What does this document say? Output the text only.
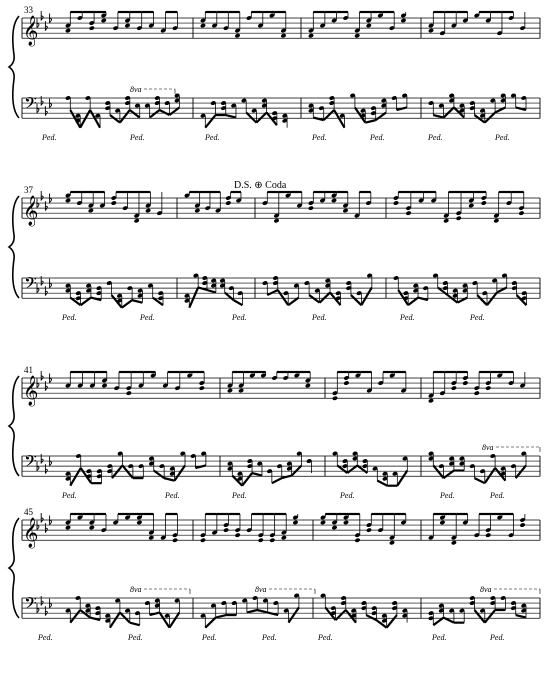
𝄞
𝄢
33
Ped.	Ped.	Ped.	Ped.	Ped.	Ped.	Ped.
8va
𝄞
𝄢
37	D.S. ⊕ Coda
Ped.	Ped.	Ped.	Ped.	Ped.	Ped.
𝄞
𝄢
41
Ped.	Ped.	Ped.	Ped.	Ped.	Ped.
8va
𝄞
𝄢
45
Ped.	Ped.	Ped.	Ped.	Ped.	Ped.	Ped.
8va	8va	8va
